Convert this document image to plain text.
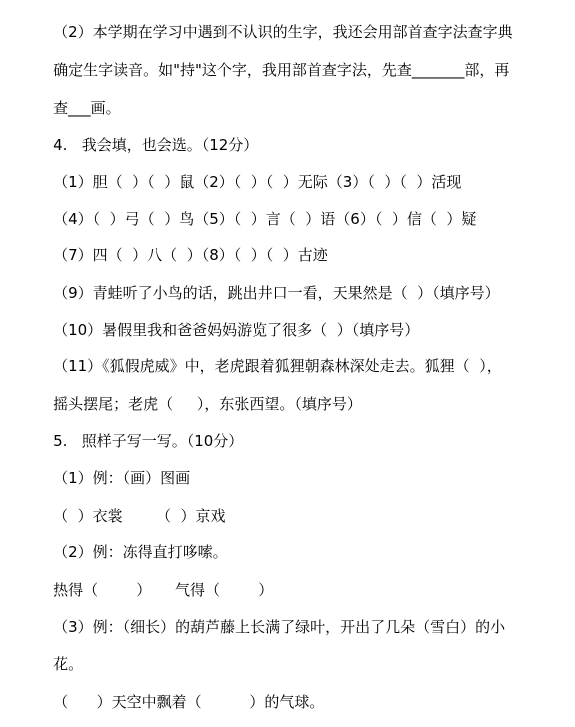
（2）本学期在学习中遇到不认识的生字，我还会用部首查字法查字典
确定生字读音。如"持"这个字，我用部首查字法，先查_______部，再
查___画。
4.   我会填，也会选。（12分）
（1）胆（  ）（  ）鼠（2）（  ）（  ）无际（3）（  ）（  ）活现
（4）（  ）弓（  ）鸟（5）（  ）言（  ）语（6）（  ）信（  ）疑
（7）四（  ）八（  ）（8）（  ）（  ）古迹
（9）青蛙听了小鸟的话，跳出井口一看，天果然是（  ）（填序号）
（10）暑假里我和爸爸妈妈游览了很多（  ）（填序号）
（11）《狐假虎威》中，老虎跟着狐狸朝森林深处走去。狐狸（  ），
摇头摆尾；老虎（     ），东张西望。（填序号）
5.   照样子写一写。（10分）
（1）例：（画）图画
（  ）衣裳       （  ）京戏
（2）例：冻得直打哆嗦。
热得（        ）     气得（        ）
（3）例：（细长）的葫芦藤上长满了绿叶，开出了几朵（雪白）的小
花。
（      ）天空中飘着（          ）的气球。
